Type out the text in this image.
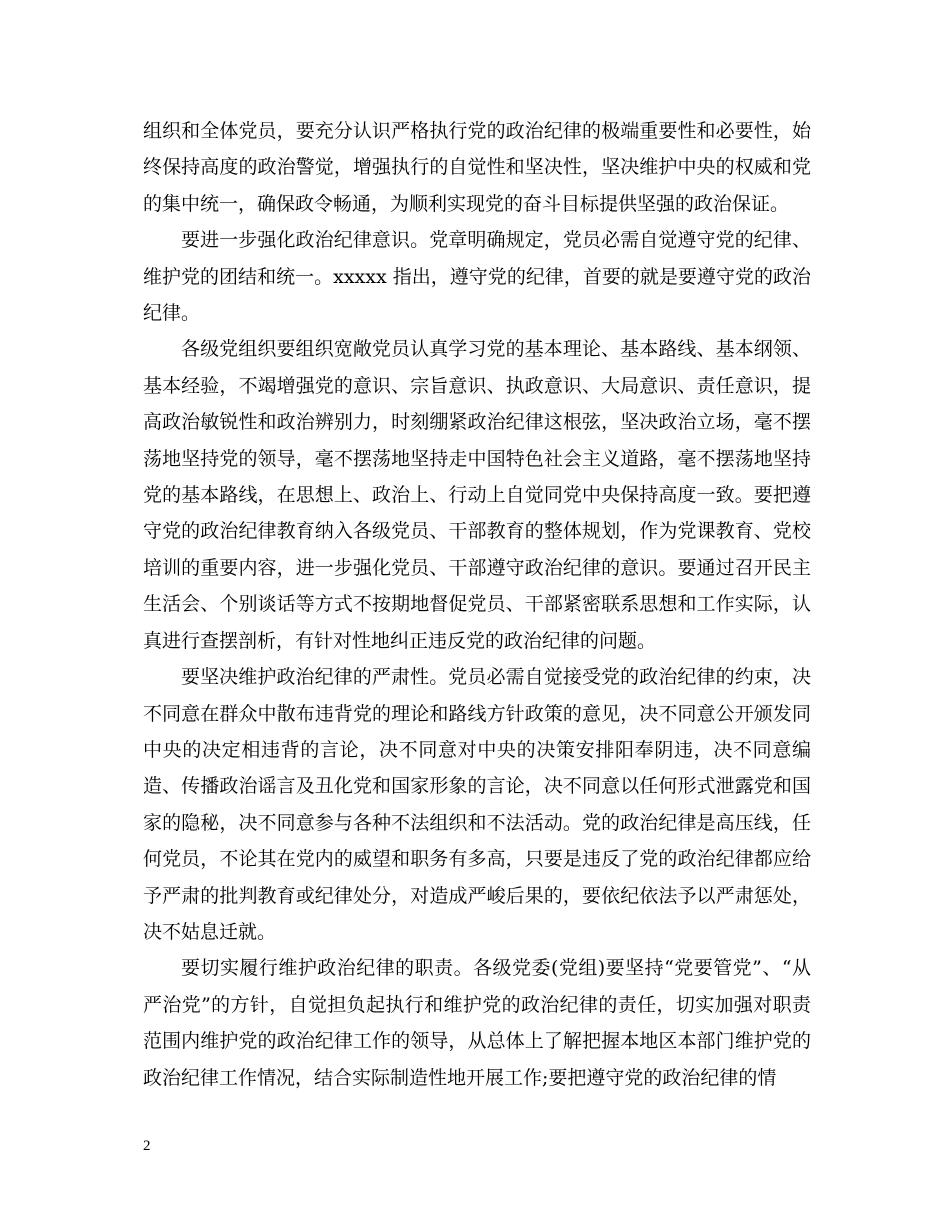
组织和全体党员，要充分认识严格执行党的政治纪律的极端重要性和必要性，始终保持高度的政治警觉，增强执行的自觉性和坚决性，坚决维护中央的权威和党的集中统一，确保政令畅通，为顺利实现党的奋斗目标提供坚强的政治保证。

要进一步强化政治纪律意识。党章明确规定，党员必需自觉遵守党的纪律、维护党的团结和统一。xxxxx 指出，遵守党的纪律，首要的就是要遵守党的政治纪律。

各级党组织要组织宽敞党员认真学习党的基本理论、基本路线、基本纲领、基本经验，不竭增强党的意识、宗旨意识、执政意识、大局意识、责任意识，提高政治敏锐性和政治辨别力，时刻绷紧政治纪律这根弦，坚决政治立场，毫不摆荡地坚持党的领导，毫不摆荡地坚持走中国特色社会主义道路，毫不摆荡地坚持党的基本路线，在思想上、政治上、行动上自觉同党中央保持高度一致。要把遵守党的政治纪律教育纳入各级党员、干部教育的整体规划，作为党课教育、党校培训的重要内容，进一步强化党员、干部遵守政治纪律的意识。要通过召开民主生活会、个别谈话等方式不按期地督促党员、干部紧密联系思想和工作实际，认真进行查摆剖析，有针对性地纠正违反党的政治纪律的问题。

要坚决维护政治纪律的严肃性。党员必需自觉接受党的政治纪律的约束，决不同意在群众中散布违背党的理论和路线方针政策的意见，决不同意公开颁发同中央的决定相违背的言论，决不同意对中央的决策安排阳奉阴违，决不同意编造、传播政治谣言及丑化党和国家形象的言论，决不同意以任何形式泄露党和国家的隐秘，决不同意参与各种不法组织和不法活动。党的政治纪律是高压线，任何党员，不论其在党内的威望和职务有多高，只要是违反了党的政治纪律都应给予严肃的批判教育或纪律处分，对造成严峻后果的，要依纪依法予以严肃惩处，决不姑息迁就。

要切实履行维护政治纪律的职责。各级党委(党组)要坚持“党要管党”、“从严治党”的方针，自觉担负起执行和维护党的政治纪律的责任，切实加强对职责范围内维护党的政治纪律工作的领导，从总体上了解把握本地区本部门维护党的政治纪律工作情况，结合实际制造性地开展工作;要把遵守党的政治纪律的情

2
